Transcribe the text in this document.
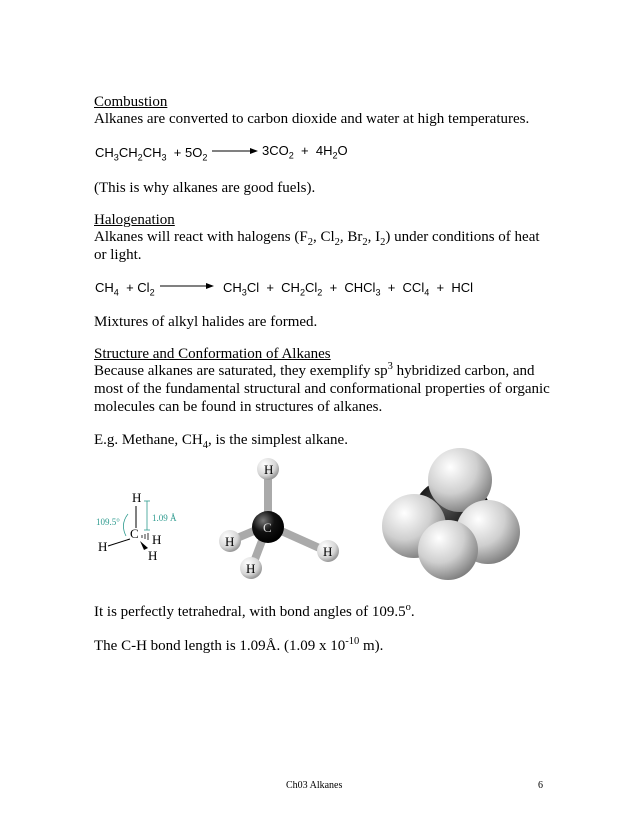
Combustion
Alkanes are converted to carbon dioxide and water at high temperatures.
$CH_3CH_2CH_3 + 5O_2 \to 3CO_2 + 4H_2O$
(This is why alkanes are good fuels).
Halogenation
Alkanes will react with halogens ($F_2$, $Cl_2$, $Br_2$, $I_2$) under conditions of heat or light.
$CH_4 + Cl_2 \to CH_3Cl + CH_2Cl_2$  +  CHCl$_3$  +  CCl$_4$  +  HCl
Mixtures of alkyl halides are formed.
Structure and Conformation of Alkanes
Because alkanes are saturated, they exemplify $sp^3$ hybridized carbon, and
most of the fundamental structural and conformational properties of organic
molecules can be found in structures of alkanes.
E.g. Methane, $CH_4$, is the simplest alkane.
H
1.09 Å
109.5°
C
H	H
H
H
H
C
H
H
It is perfectly tetrahedral, with bond angles of 109.5$^o$.
The C-H bond length is 1.09Å. (1.09 x $10^{-10}$ m).
Ch03 Alkanes	6
